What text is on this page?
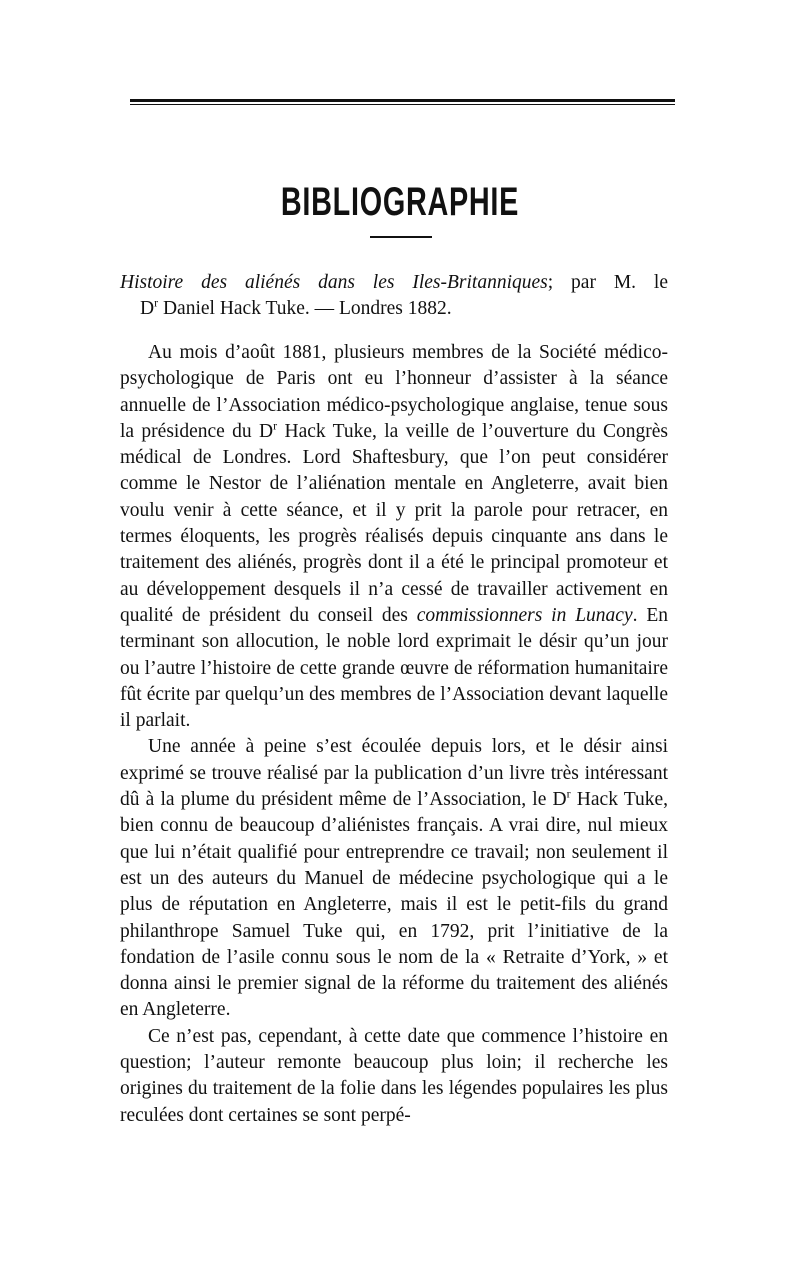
BIBLIOGRAPHIE
Histoire des aliénés dans les Iles-Britanniques; par M. le
$D^r$ Daniel Hack Tuke. — Londres 1882.

Au mois d’août 1881, plusieurs membres de la Société médico-psychologique de Paris ont eu l’honneur d’assister à la séance annuelle de l’Association médico-psychologique anglaise, tenue sous la présidence du $D^r$ Hack Tuke, la veille de l’ouverture du Congrès médical de Londres. Lord Shaftesbury, que l’on peut considérer comme le Nestor de l’aliénation mentale en Angleterre, avait bien voulu venir à cette séance, et il y prit la parole pour retracer, en termes éloquents, les progrès réalisés depuis cinquante ans dans le traitement des aliénés, progrès dont il a été le principal promoteur et au développement desquels il n’a cessé de travailler activement en qualité de président du conseil des commissionners in Lunacy. En terminant son allocution, le noble lord exprimait le désir qu’un jour ou l’autre l’histoire de cette grande œuvre de réformation humanitaire fût écrite par quelqu’un des membres de l’Association devant laquelle il parlait.

Une année à peine s’est écoulée depuis lors, et le désir ainsi exprimé se trouve réalisé par la publication d’un livre très intéressant dû à la plume du président même de l’Association, le $D^r$ Hack Tuke, bien connu de beaucoup d’aliénistes français. A vrai dire, nul mieux que lui n’était qualifié pour entreprendre ce travail; non seulement il est un des auteurs du Manuel de médecine psychologique qui a le plus de réputation en Angleterre, mais il est le petit-fils du grand philanthrope Samuel Tuke qui, en 1792, prit l’initiative de la fondation de l’asile connu sous le nom de la « Retraite d’York, » et donna ainsi le premier signal de la réforme du traitement des aliénés en Angleterre.

Ce n’est pas, cependant, à cette date que commence l’histoire en question; l’auteur remonte beaucoup plus loin; il recherche les origines du traitement de la folie dans les légendes populaires les plus reculées dont certaines se sont perpé-
